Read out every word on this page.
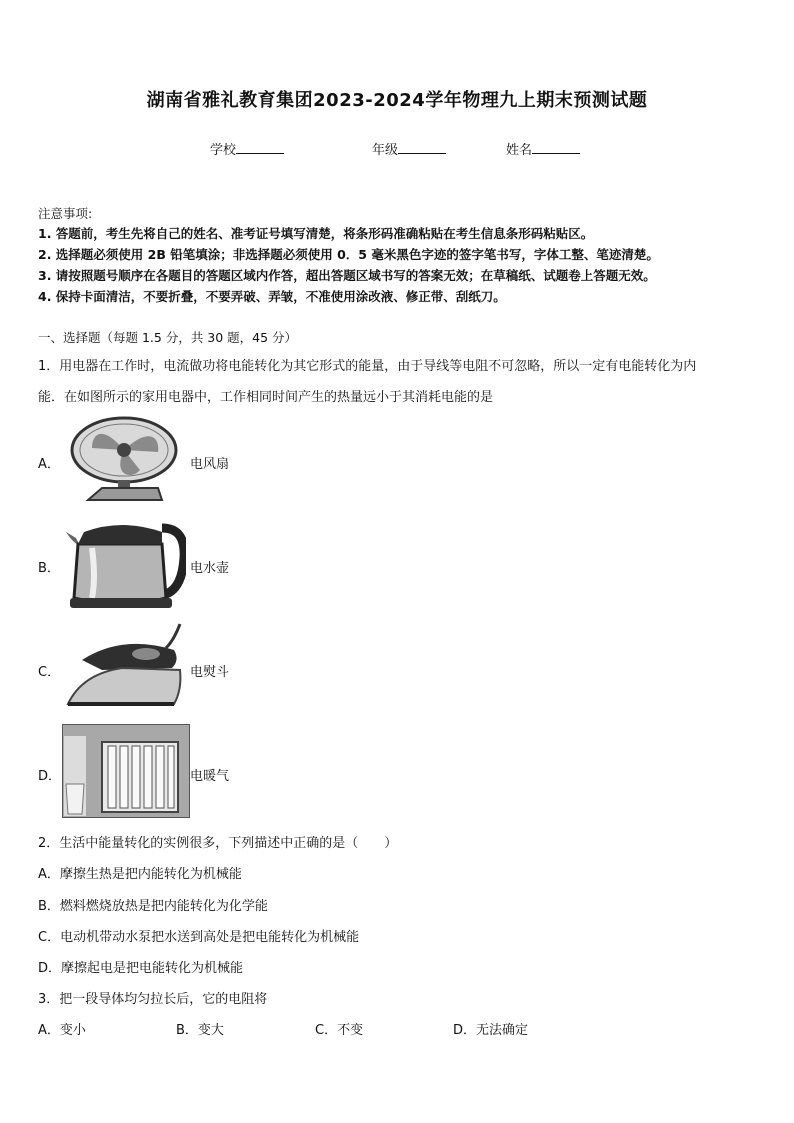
湖南省雅礼教育集团2023-2024学年物理九上期末预测试题
学校	年级	姓名
注意事项:
1. 答题前，考生先将自己的姓名、准考证号填写清楚，将条形码准确粘贴在考生信息条形码粘贴区。
2. 选择题必须使用 2B 铅笔填涂；非选择题必须使用 0．5 毫米黑色字迹的签字笔书写，字体工整、笔迹清楚。
3. 请按照题号顺序在各题目的答题区域内作答，超出答题区域书写的答案无效；在草稿纸、试题卷上答题无效。
4. 保持卡面清洁，不要折叠，不要弄破、弄皱，不准使用涂改液、修正带、刮纸刀。
一、选择题（每题 1.5 分，共 30 题，45 分）
1．用电器在工作时，电流做功将电能转化为其它形式的能量，由于导线等电阻不可忽略，所以一定有电能转化为内
能．在如图所示的家用电器中，工作相同时间产生的热量远小于其消耗电能的是
A．	电风扇
B．	电水壶
C．	电熨斗
D．	电暖气
2．生活中能量转化的实例很多，下列描述中正确的是（　　）
A．摩擦生热是把内能转化为机械能
B．燃料燃烧放热是把内能转化为化学能
C．电动机带动水泵把水送到高处是把电能转化为机械能
D．摩擦起电是把电能转化为机械能
3．把一段导体均匀拉长后，它的电阻将
A．变小	B．变大	C．不变	D．无法确定
